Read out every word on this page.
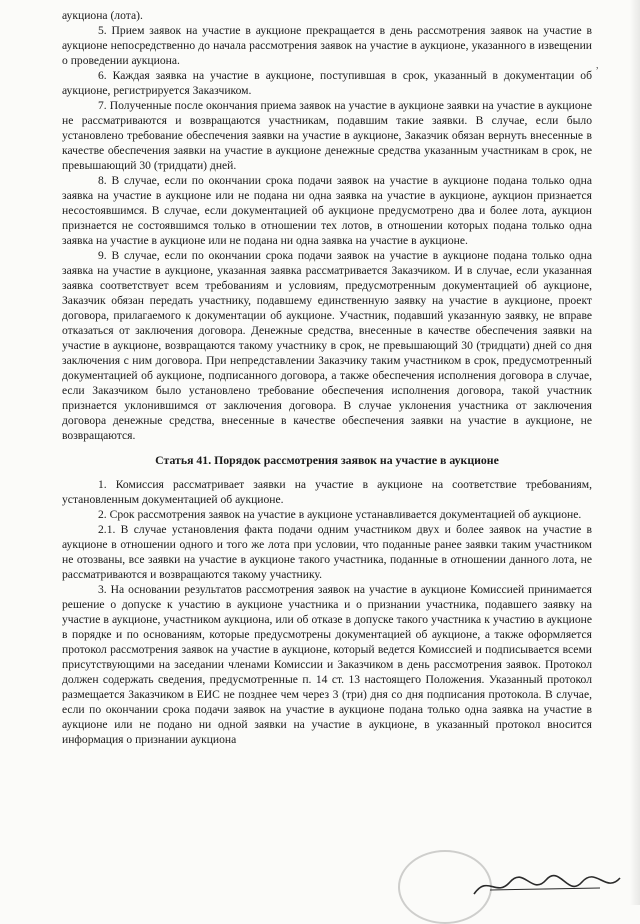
,

аукциона (лота).

5. Прием заявок на участие в аукционе прекращается в день рассмотрения заявок на участие в аукционе непосредственно до начала рассмотрения заявок на участие в аукционе, указанного в извещении о проведении аукциона.

6. Каждая заявка на участие в аукционе, поступившая в срок, указанный в документации об аукционе, регистрируется Заказчиком.

7. Полученные после окончания приема заявок на участие в аукционе заявки на участие в аукционе не рассматриваются и возвращаются участникам, подавшим такие заявки. В случае, если было установлено требование обеспечения заявки на участие в аукционе, Заказчик обязан вернуть внесенные в качестве обеспечения заявки на участие в аукционе денежные средства указанным участникам в срок, не превышающий 30 (тридцати) дней.

8. В случае, если по окончании срока подачи заявок на участие в аукционе подана только одна заявка на участие в аукционе или не подана ни одна заявка на участие в аукционе, аукцион признается несостоявшимся. В случае, если документацией об аукционе предусмотрено два и более лота, аукцион признается не состоявшимся только в отношении тех лотов, в отношении которых подана только одна заявка на участие в аукционе или не подана ни одна заявка на участие в аукционе.

9. В случае, если по окончании срока подачи заявок на участие в аукционе подана только одна заявка на участие в аукционе, указанная заявка рассматривается Заказчиком. И в случае, если указанная заявка соответствует всем требованиям и условиям, предусмотренным документацией об аукционе, Заказчик обязан передать участнику, подавшему единственную заявку на участие в аукционе, проект договора, прилагаемого к документации об аукционе. Участник, подавший указанную заявку, не вправе отказаться от заключения договора. Денежные средства, внесенные в качестве обеспечения заявки на участие в аукционе, возвращаются такому участнику в срок, не превышающий 30 (тридцати) дней со дня заключения с ним договора. При непредставлении Заказчику таким участником в срок, предусмотренный документацией об аукционе, подписанного договора, а также обеспечения исполнения договора в случае, если Заказчиком было установлено требование обеспечения исполнения договора, такой участник признается уклонившимся от заключения договора. В случае уклонения участника от заключения договора денежные средства, внесенные в качестве обеспечения заявки на участие в аукционе, не возвращаются.

Статья 41. Порядок рассмотрения заявок на участие в аукционе

1. Комиссия рассматривает заявки на участие в аукционе на соответствие требованиям, установленным документацией об аукционе.

2. Срок рассмотрения заявок на участие в аукционе устанавливается документацией об аукционе.

2.1. В случае установления факта подачи одним участником двух и более заявок на участие в аукционе в отношении одного и того же лота при условии, что поданные ранее заявки таким участником не отозваны, все заявки на участие в аукционе такого участника, поданные в отношении данного лота, не рассматриваются и возвращаются такому участнику.

3. На основании результатов рассмотрения заявок на участие в аукционе Комиссией принимается решение о допуске к участию в аукционе участника и о признании участника, подавшего заявку на участие в аукционе, участником аукциона, или об отказе в допуске такого участника к участию в аукционе в порядке и по основаниям, которые предусмотрены документацией об аукционе, а также оформляется протокол рассмотрения заявок на участие в аукционе, который ведется Комиссией и подписывается всеми присутствующими на заседании членами Комиссии и Заказчиком в день рассмотрения заявок. Протокол должен содержать сведения, предусмотренные п. 14 ст. 13 настоящего Положения. Указанный протокол размещается Заказчиком в ЕИС не позднее чем через 3 (три) дня со дня подписания протокола. В случае, если по окончании срока подачи заявок на участие в аукционе подана только одна заявка на участие в аукционе или не подано ни одной заявки на участие в аукционе, в указанный протокол вносится информация о признании аукциона
